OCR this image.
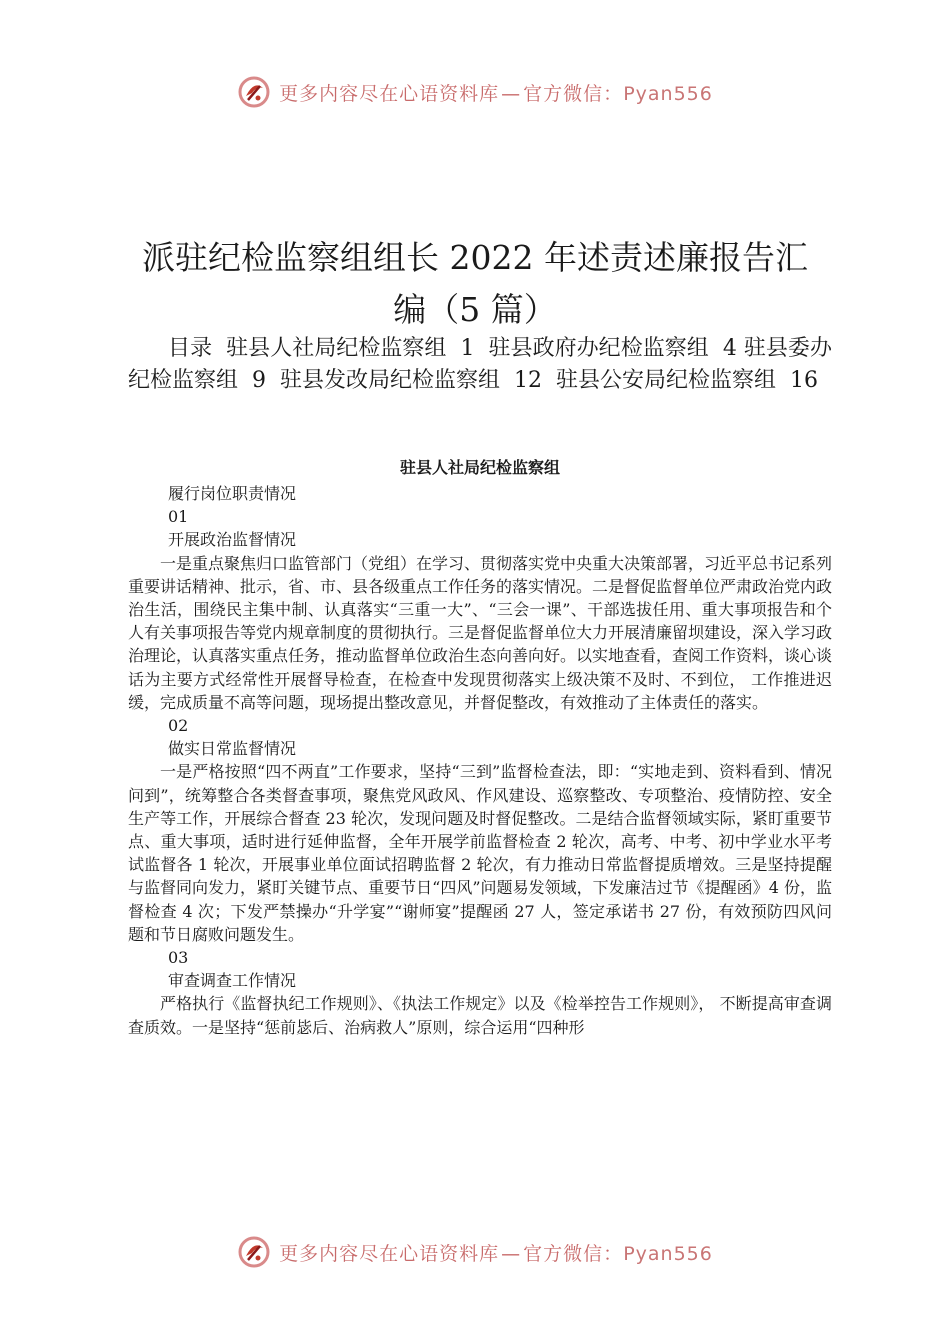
更多内容尽在心语资料库 — 官方微信：Pyan556
派驻纪检监察组组长 2022 年述责述廉报告汇
编（5 篇）
目录 驻县人社局纪检监察组 1 驻县政府办纪检监察组 4 驻县委办纪检监察组 9 驻县发改局纪检监察组 12 驻县公安局纪检监察组 16
驻县人社局纪检监察组

履行岗位职责情况

01

开展政治监督情况

一是重点聚焦归口监管部门（党组）在学习、贯彻落实党中央重大决策部署，习近平总书记系列重要讲话精神、批示，省、市、县各级重点工作任务的落实情况。二是督促监督单位严肃政治党内政治生活，围绕民主集中制、认真落实“三重一大”、“三会一课”、干部选拔任用、重大事项报告和个人有关事项报告等党内规章制度的贯彻执行。三是督促监督单位大力开展清廉留坝建设，深入学习政治理论，认真落实重点任务，推动监督单位政治生态向善向好。以实地查看，查阅工作资料，谈心谈话为主要方式经常性开展督导检查，在检查中发现贯彻落实上级决策不及时、不到位， 工作推进迟缓，完成质量不高等问题，现场提出整改意见，并督促整改，有效推动了主体责任的落实。

02

做实日常监督情况

一是严格按照“四不两直”工作要求，坚持“三到”监督检查法，即：“实地走到、资料看到、情况问到”，统筹整合各类督查事项，聚焦党风政风、作风建设、巡察整改、专项整治、疫情防控、安全生产等工作，开展综合督查 23 轮次，发现问题及时督促整改。二是结合监督领域实际，紧盯重要节点、重大事项，适时进行延伸监督，全年开展学前监督检查 2 轮次，高考、中考、初中学业水平考试监督各 1 轮次，开展事业单位面试招聘监督 2 轮次，有力推动日常监督提质增效。三是坚持提醒与监督同向发力，紧盯关键节点、重要节日“四风”问题易发领域，下发廉洁过节《提醒函》4 份，监督检查 4 次；下发严禁操办“升学宴”“谢师宴”提醒函 27 人，签定承诺书 27 份，有效预防四风问题和节日腐败问题发生。

03

审查调查工作情况

严格执行《监督执纪工作规则》、《执法工作规定》以及《检举控告工作规则》， 不断提高审查调查质效。一是坚持“惩前毖后、治病救人”原则，综合运用“四种形

更多内容尽在心语资料库 — 官方微信：Pyan556
